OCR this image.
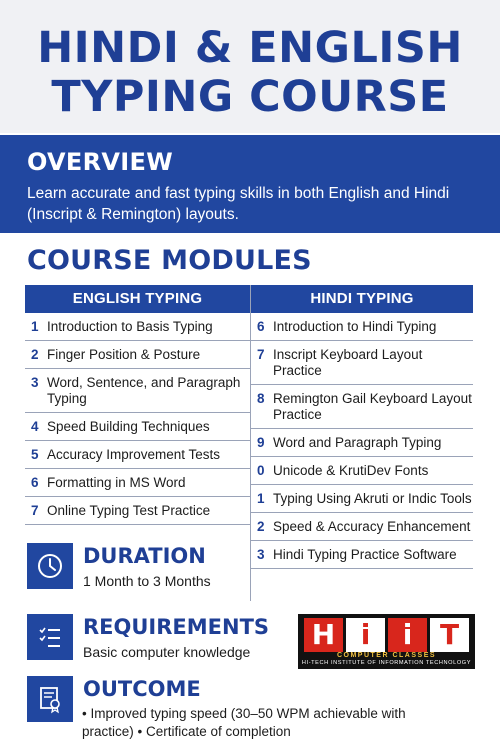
HINDI & ENGLISH
TYPING COURSE
OVERVIEW

Learn accurate and fast typing skills in both English and Hindi (Inscript & Remington) layouts.

COURSE MODULES
ENGLISH TYPING
1 Introduction to Basis Typing
2 Finger Position & Posture
3 Word, Sentence, and Paragraph Typing
4 Speed Building Techniques
5 Accuracy Improvement Tests
6 Formatting in MS Word
7 Online Typing Test Practice
HINDI TYPING
6 Introduction to Hindi Typing
7 Inscript Keyboard Layout Practice
8 Remington Gail Keyboard Layout Practice
9 Word and Paragraph Typing
0 Unicode & KrutiDev Fonts
1 Typing Using Akruti or Indic Tools
2 Speed & Accuracy Enhancement
3 Hindi Typing Practice Software
DURATION
1 Month to 3 Months
REQUIREMENTS
Basic computer knowledge
OUTCOME
• Improved typing speed (30–50 WPM achievable with practice) • Certificate of completion
H i	i T
COMPUTER CLASSES
HI-TECH INSTITUTE OF INFORMATION TECHNOLOGY
